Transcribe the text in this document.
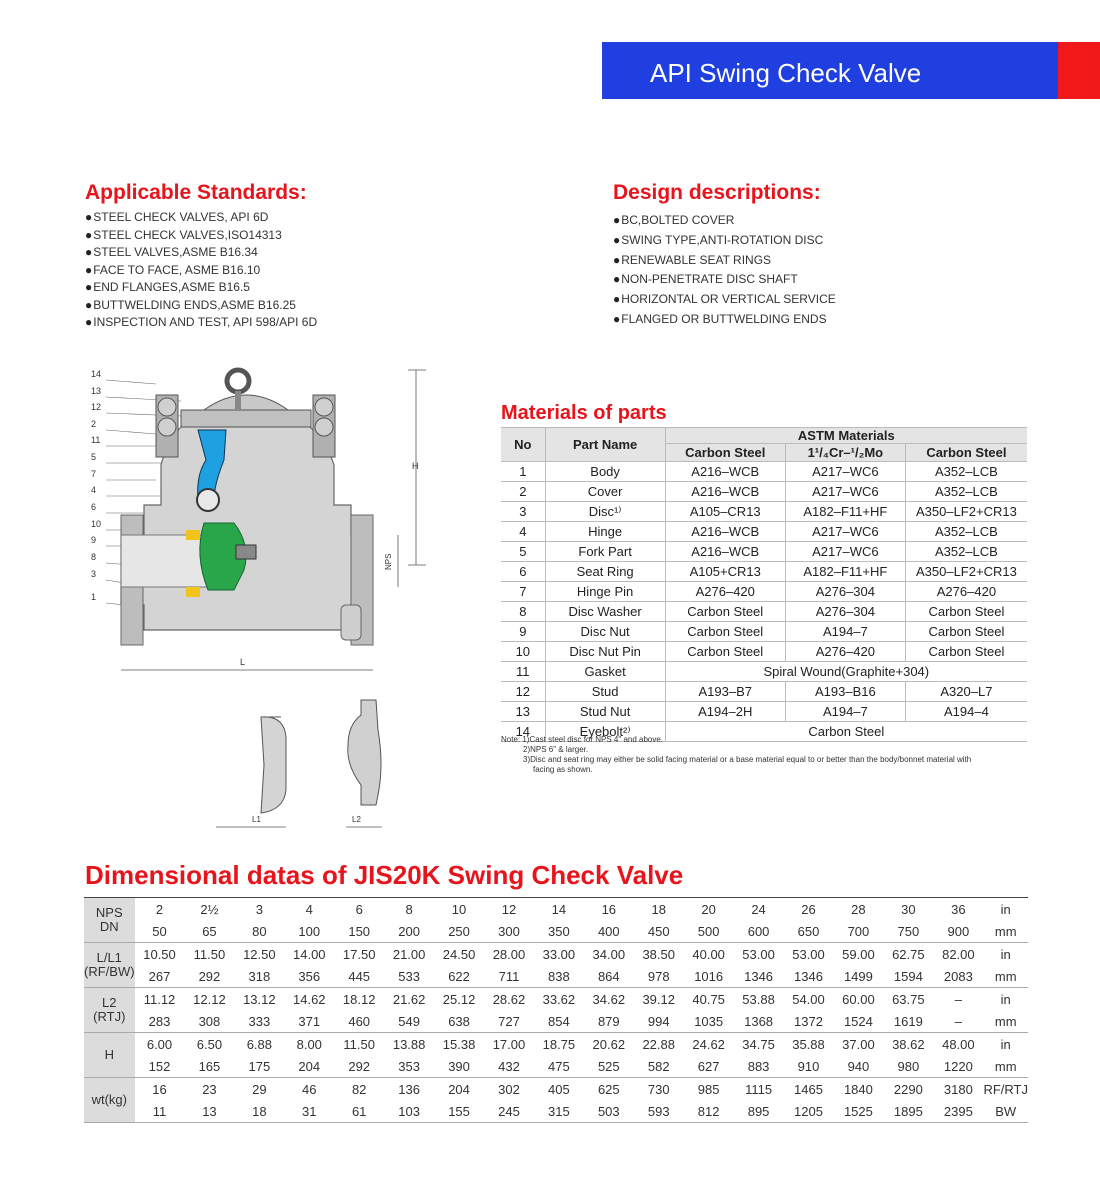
API Swing Check Valve
Applicable Standards:
● STEEL CHECK VALVES, API 6D
● STEEL CHECK VALVES,ISO14313
● STEEL VALVES,ASME B16.34
● FACE TO FACE, ASME B16.10
● END FLANGES,ASME B16.5
● BUTTWELDING ENDS,ASME B16.25
● INSPECTION AND TEST, API 598/API 6D
Design descriptions:
● BC,BOLTED COVER
● SWING TYPE,ANTI-ROTATION DISC
● RENEWABLE SEAT RINGS
● NON-PENETRATE DISC SHAFT
● HORIZONTAL OR VERTICAL SERVICE
● FLANGED OR BUTTWELDING ENDS
14
13
12
2
11
5
7
4
6
10
9
8
3
1
H
NPS
L
L1	L2
Materials of parts
No	Part Name	ASTM Materials		
		Carbon Steel	1¹/₄Cr–¹/₂Mo	Carbon Steel
1	Body	A216–WCB	A217–WC6	A352–LCB
2	Cover	A216–WCB	A217–WC6	A352–LCB
3	Disc¹⁾	A105–CR13	A182–F11+HF	A350–LF2+CR13
4	Hinge	A216–WCB	A217–WC6	A352–LCB
5	Fork Part	A216–WCB	A217–WC6	A352–LCB
6	Seat Ring	A105+CR13	A182–F11+HF	A350–LF2+CR13
7	Hinge Pin	A276–420	A276–304	A276–420
8	Disc Washer	Carbon Steel	A276–304	Carbon Steel
9	Disc Nut	Carbon Steel	A194–7	Carbon Steel
10	Disc Nut Pin	Carbon Steel	A276–420	Carbon Steel
11	Gasket	Spiral Wound(Graphite+304)		
12	Stud	A193–B7	A193–B16	A320–L7
13	Stud Nut	A194–2H	A194–7	A194–4
14	Eyebolt²⁾	Carbon Steel		
Note: 1)Cast steel disc for NPS 4" and above.
2)NPS 6" & larger.
3)Disc and seat ring may either be solid facing material or a base material equal to or better than the body/bonnet material with
facing as shown.
Dimensional datas of JIS20K Swing Check Valve
NPS
DN	2	2½	3	4	6	8	10	12	14	16	18	20	24	26	28	30	36	in
	50	65	80	100	150	200	250	300	350	400	450	500	600	650	700	750	900	mm

L/L1
(RF/BW)	10.50	11.50	12.50	14.00	17.50	21.00	24.50	28.00	33.00	34.00	38.50	40.00	53.00	53.00	59.00	62.75	82.00	in
	267	292	318	356	445	533	622	711	838	864	978	1016	1346	1346	1499	1594	2083	mm

L2
(RTJ)	11.12	12.12	13.12	14.62	18.12	21.62	25.12	28.62	33.62	34.62	39.12	40.75	53.88	54.00	60.00	63.75	–	in
	283	308	333	371	460	549	638	727	854	879	994	1035	1368	1372	1524	1619	–	mm

H	6.00	6.50	6.88	8.00	11.50	13.88	15.38	17.00	18.75	20.62	22.88	24.62	34.75	35.88	37.00	38.62	48.00	in
	152	165	175	204	292	353	390	432	475	525	582	627	883	910	940	980	1220	mm

wt(kg)	16	23	29	46	82	136	204	302	405	625	730	985	1115	1465	1840	2290	3180	RF/RTJ
	11	13	18	31	61	103	155	245	315	503	593	812	895	1205	1525	1895	2395	BW
